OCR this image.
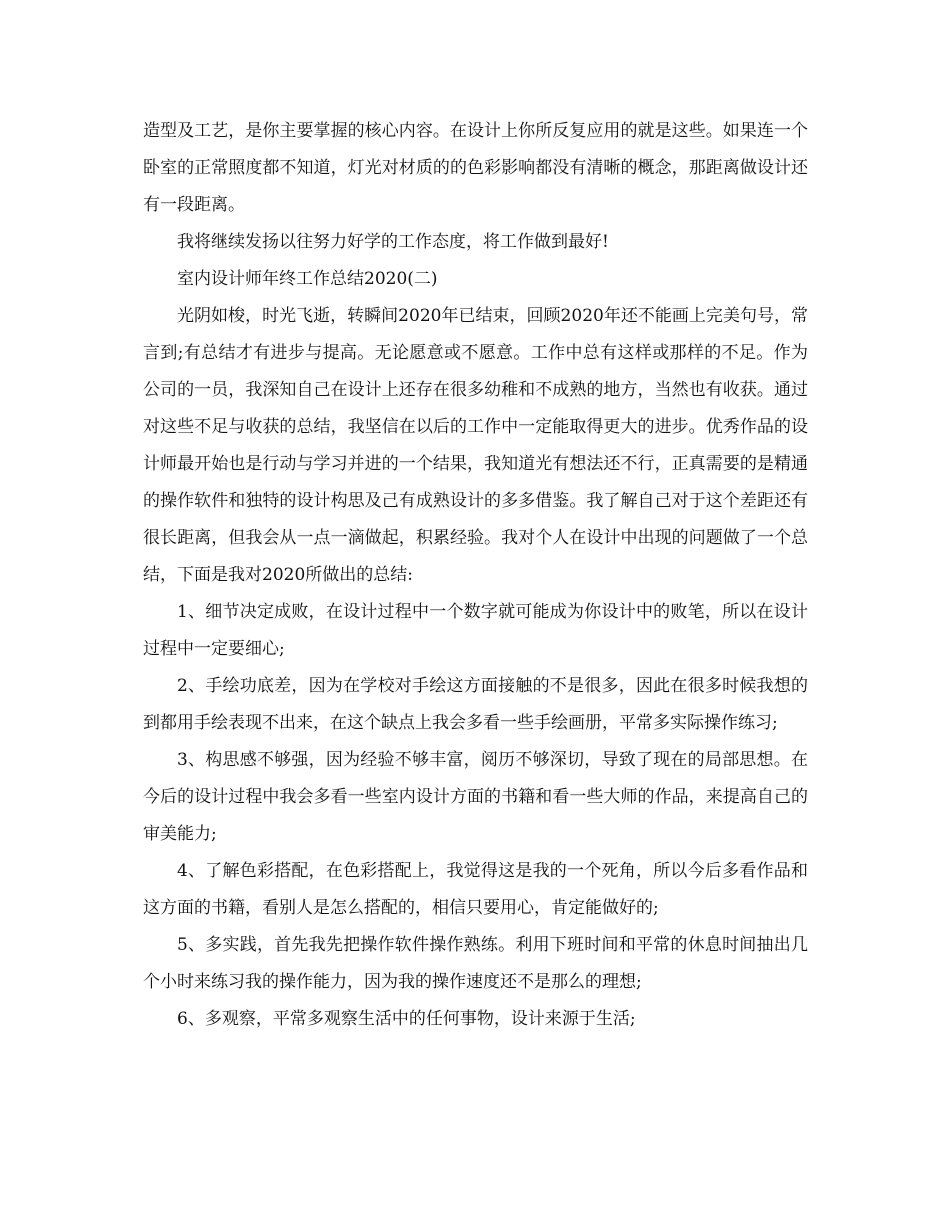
造型及工艺，是你主要掌握的核心内容。在设计上你所反复应用的就是这些。如果连一个卧室的正常照度都不知道，灯光对材质的的色彩影响都没有清晰的概念，那距离做设计还有一段距离。

我将继续发扬以往努力好学的工作态度，将工作做到最好!

室内设计师年终工作总结2020(二)

光阴如梭，时光飞逝，转瞬间2020年已结束，回顾2020年还不能画上完美句号，常言到;有总结才有进步与提高。无论愿意或不愿意。工作中总有这样或那样的不足。作为公司的一员，我深知自己在设计上还存在很多幼稚和不成熟的地方，当然也有收获。通过对这些不足与收获的总结，我坚信在以后的工作中一定能取得更大的进步。优秀作品的设计师最开始也是行动与学习并进的一个结果，我知道光有想法还不行，正真需要的是精通的操作软件和独特的设计构思及己有成熟设计的多多借鉴。我了解自己对于这个差距还有很长距离，但我会从一点一滴做起，积累经验。我对个人在设计中出现的问题做了一个总结，下面是我对2020所做出的总结:

1、细节决定成败，在设计过程中一个数字就可能成为你设计中的败笔，所以在设计过程中一定要细心;

2、手绘功底差，因为在学校对手绘这方面接触的不是很多，因此在很多时候我想的到都用手绘表现不出来，在这个缺点上我会多看一些手绘画册，平常多实际操作练习;

3、构思感不够强，因为经验不够丰富，阅历不够深切，导致了现在的局部思想。在今后的设计过程中我会多看一些室内设计方面的书籍和看一些大师的作品，来提高自己的审美能力;

4、了解色彩搭配，在色彩搭配上，我觉得这是我的一个死角，所以今后多看作品和这方面的书籍，看别人是怎么搭配的，相信只要用心，肯定能做好的;

5、多实践，首先我先把操作软件操作熟练。利用下班时间和平常的休息时间抽出几个小时来练习我的操作能力，因为我的操作速度还不是那么的理想;

6、多观察，平常多观察生活中的任何事物，设计来源于生活;
